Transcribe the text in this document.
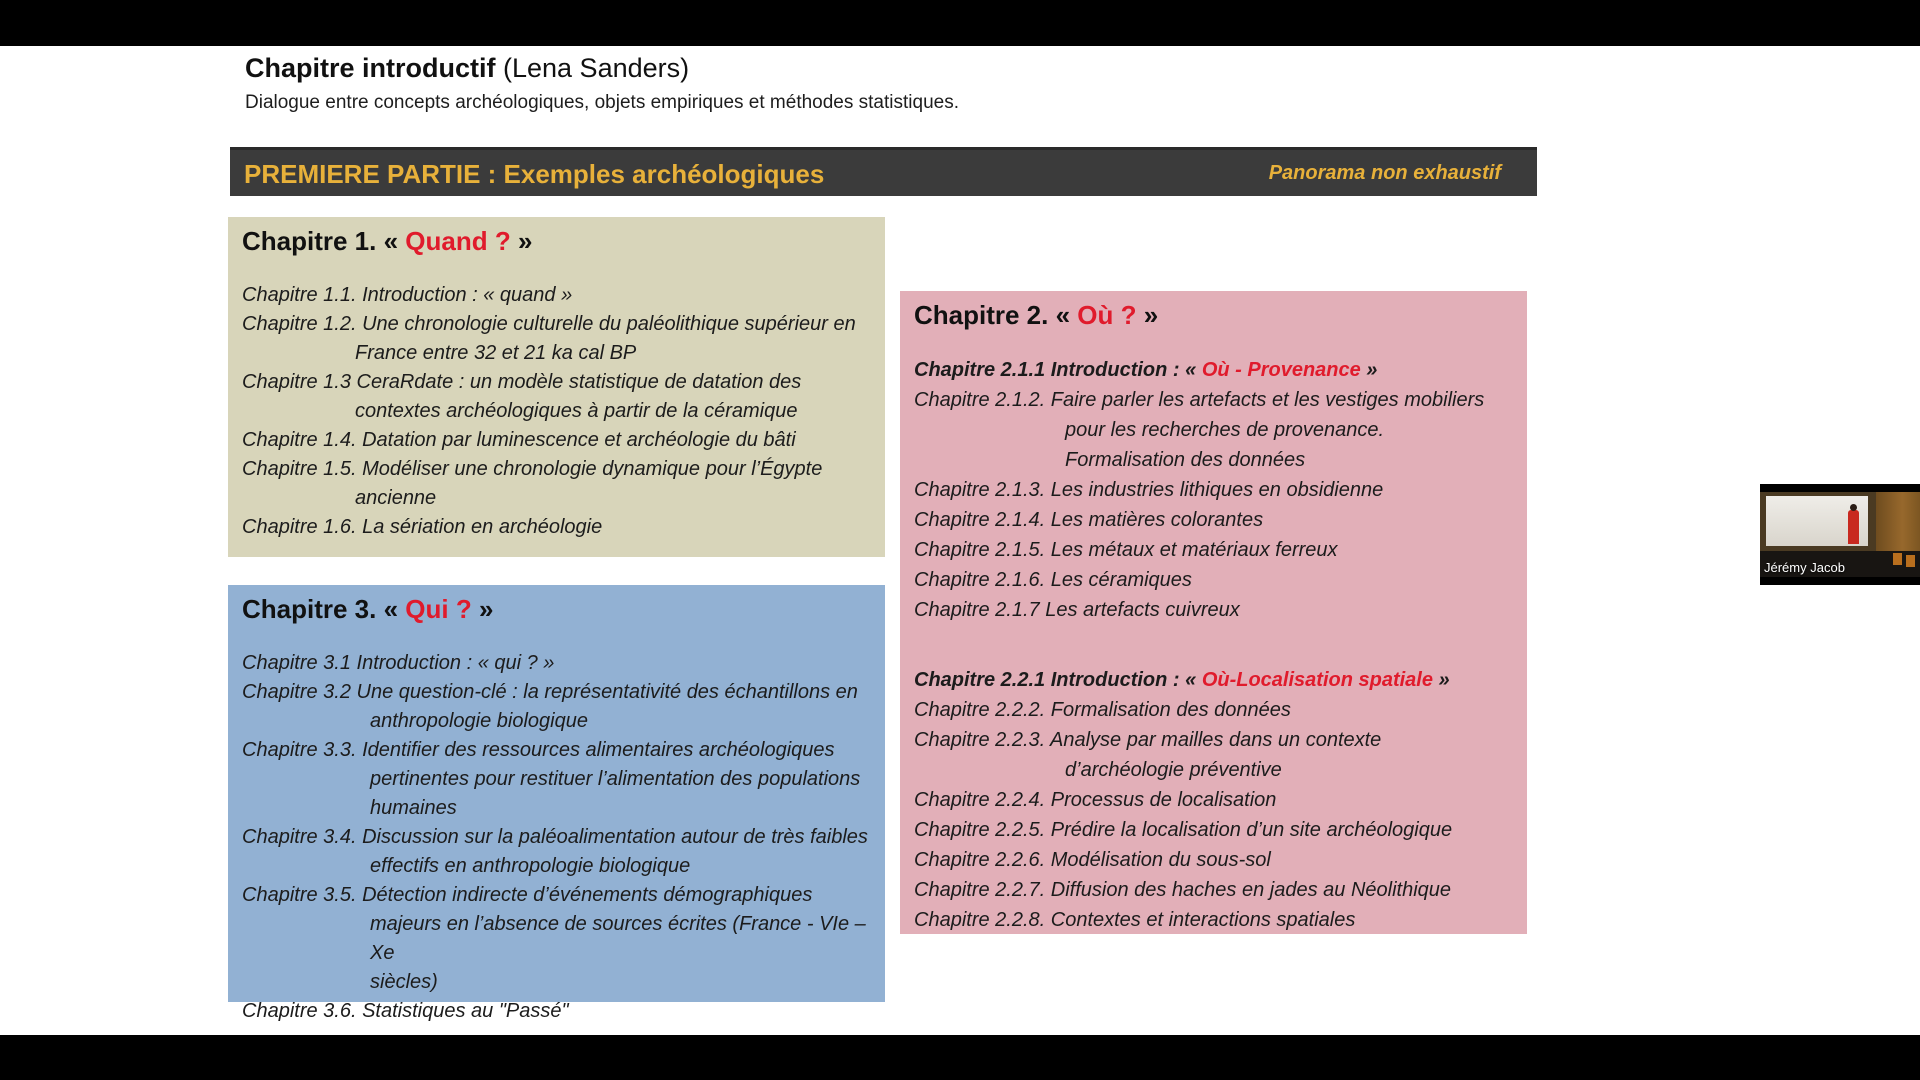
Chapitre introductif (Lena Sanders)
Dialogue entre concepts archéologiques, objets empiriques et méthodes statistiques.
PREMIERE PARTIE : Exemples archéologiques	Panorama non exhaustif
Chapitre 1. « Quand ? »
Chapitre 1.1. Introduction : « quand »
Chapitre 1.2. Une chronologie culturelle du paléolithique supérieur en
France entre 32 et 21 ka cal BP
Chapitre 1.3 CeraRdate : un modèle statistique de datation des
contextes archéologiques à partir de la céramique
Chapitre 1.4. Datation par luminescence et archéologie du bâti
Chapitre 1.5. Modéliser une chronologie dynamique pour l’Égypte
ancienne
Chapitre 1.6. La sériation en archéologie
Chapitre 2. « Où ? »
Chapitre 2.1.1 Introduction : « Où - Provenance »
Chapitre 2.1.2. Faire parler les artefacts et les vestiges mobiliers
pour les recherches de provenance.
Formalisation des données
Chapitre 2.1.3. Les industries lithiques en obsidienne
Chapitre 2.1.4. Les matières colorantes
Chapitre 2.1.5. Les métaux et matériaux ferreux
Chapitre 2.1.6. Les céramiques
Chapitre 2.1.7 Les artefacts cuivreux
Chapitre 2.2.1 Introduction : « Où-Localisation spatiale »
Chapitre 2.2.2. Formalisation des données
Chapitre 2.2.3. Analyse par mailles dans un contexte
d’archéologie préventive
Chapitre 2.2.4. Processus de localisation
Chapitre 2.2.5. Prédire la localisation d’un site archéologique
Chapitre 2.2.6. Modélisation du sous-sol
Chapitre 2.2.7. Diffusion des haches en jades au Néolithique
Chapitre 2.2.8. Contextes et interactions spatiales
Chapitre 3. « Qui ? »
Chapitre 3.1 Introduction : « qui ? »
Chapitre 3.2 Une question-clé : la représentativité des échantillons en
anthropologie biologique
Chapitre 3.3. Identifier des ressources alimentaires archéologiques
pertinentes pour restituer l’alimentation des populations
humaines
Chapitre 3.4. Discussion sur la paléoalimentation autour de très faibles
effectifs en anthropologie biologique
Chapitre 3.5. Détection indirecte d’événements démographiques
majeurs en l’absence de sources écrites (France - VIe –Xe
siècles)
Chapitre 3.6. Statistiques au "Passé"
Jérémy Jacob
